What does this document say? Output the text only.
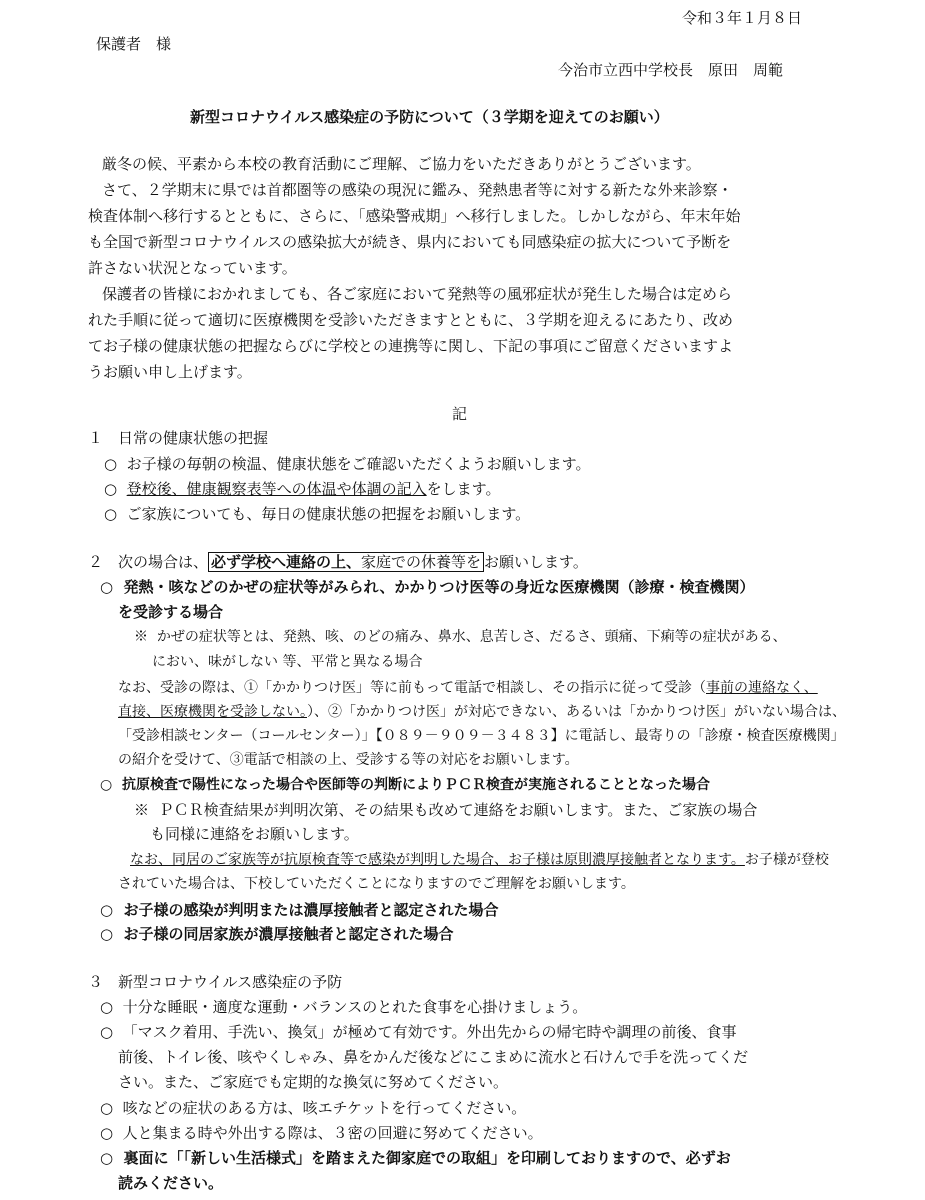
令和３年１月８日
保護者　様
今治市立西中学校長　原田　周範
新型コロナウイルス感染症の予防について（３学期を迎えてのお願い）
厳冬の候、平素から本校の教育活動にご理解、ご協力をいただきありがとうございます。
さて、２学期末に県では首都圏等の感染の現況に鑑み、発熱患者等に対する新たな外来診察・
検査体制へ移行するとともに、さらに、「感染警戒期」へ移行しました。しかしながら、年末年始
も全国で新型コロナウイルスの感染拡大が続き、県内においても同感染症の拡大について予断を
許さない状況となっています。
保護者の皆様におかれましても、各ご家庭において発熱等の風邪症状が発生した場合は定めら
れた手順に従って適切に医療機関を受診いただきますとともに、３学期を迎えるにあたり、改め
てお子様の健康状態の把握ならびに学校との連携等に関し、下記の事項にご留意くださいますよ
うお願い申し上げます。
記
１　日常の健康状態の把握
○ お子様の毎朝の検温、健康状態をご確認いただくようお願いします。
○ 登校後、健康観察表等への体温や体調の記入をします。
○ ご家族についても、毎日の健康状態の把握をお願いします。
２　次の場合は、 必ず学校へ連絡の上、家庭での休養等を お願いします。
○ 発熱・咳などのかぜの症状等がみられ、かかりつけ医等の身近な医療機関（診療・検査機関）
を受診する場合
※ かぜの症状等とは、発熱、咳、のどの痛み、鼻水、息苦しさ、だるさ、頭痛、下痢等の症状がある、
におい、味がしない 等、平常と異なる場合
なお、受診の際は、①「かかりつけ医」等に前もって電話で相談し、その指示に従って受診（事前の連絡なく、
直接、医療機関を受診しない。）、②「かかりつけ医」が対応できない、あるいは「かかりつけ医」がいない場合は、
「受診相談センター（コールセンター）」【０８９－９０９－３４８３】に電話し、最寄りの「診療・検査医療機関」
の紹介を受けて、③電話で相談の上、受診する等の対応をお願いします。
○ 抗原検査で陽性になった場合や医師等の判断によりＰＣＲ検査が実施されることとなった場合
※ ＰＣＲ検査結果が判明次第、その結果も改めて連絡をお願いします。また、ご家族の場合
も同様に連絡をお願いします。
なお、同居のご家族等が抗原検査等で感染が判明した場合、お子様は原則濃厚接触者となります。お子様が登校
されていた場合は、下校していただくことになりますのでご理解をお願いします。
○ お子様の感染が判明または濃厚接触者と認定された場合
○ お子様の同居家族が濃厚接触者と認定された場合
３　新型コロナウイルス感染症の予防
○ 十分な睡眠・適度な運動・バランスのとれた食事を心掛けましょう。
○ 「マスク着用、手洗い、換気」が極めて有効です。外出先からの帰宅時や調理の前後、食事
前後、トイレ後、咳やくしゃみ、鼻をかんだ後などにこまめに流水と石けんで手を洗ってくだ
さい。また、ご家庭でも定期的な換気に努めてください。
○ 咳などの症状のある方は、咳エチケットを行ってください。
○ 人と集まる時や外出する際は、３密の回避に努めてください。
○ 裏面に「「新しい生活様式」を踏まえた御家庭での取組」を印刷しておりますので、必ずお
読みください。
